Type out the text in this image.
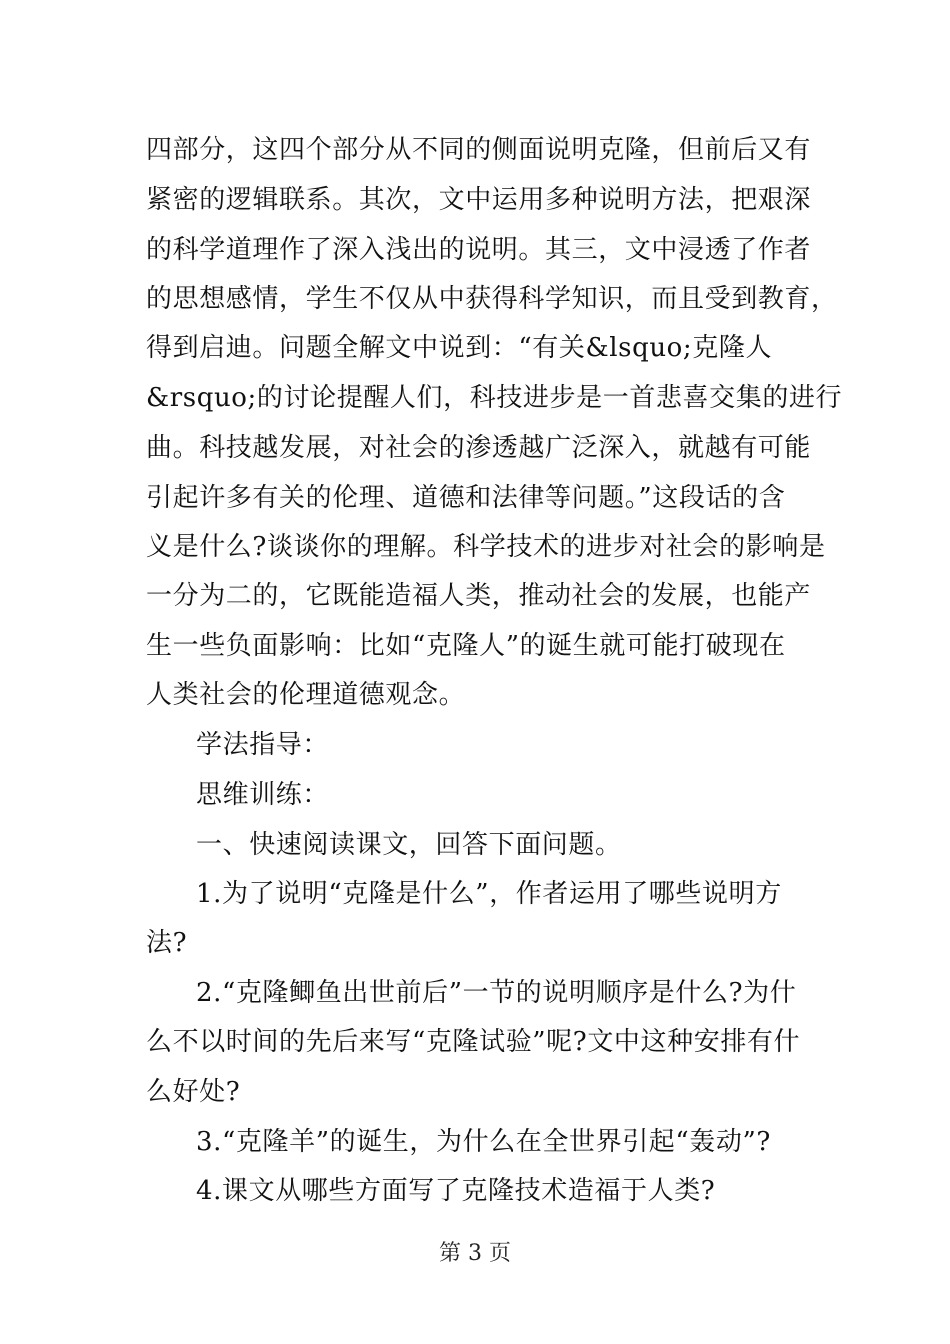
四部分，这四个部分从不同的侧面说明克隆，但前后又有
紧密的逻辑联系。其次，文中运用多种说明方法，把艰深
的科学道理作了深入浅出的说明。其三，文中浸透了作者
的思想感情，学生不仅从中获得科学知识，而且受到教育，
得到启迪。问题全解文中说到：“有关&lsquo;克隆人
&rsquo;的讨论提醒人们，科技进步是一首悲喜交集的进行
曲。科技越发展，对社会的渗透越广泛深入，就越有可能
引起许多有关的伦理、道德和法律等问题。”这段话的含
义是什么?谈谈你的理解。科学技术的进步对社会的影响是
一分为二的，它既能造福人类，推动社会的发展，也能产
生一些负面影响：比如“克隆人”的诞生就可能打破现在
人类社会的伦理道德观念。
学法指导：
思维训练：
一、快速阅读课文，回答下面问题。
1.为了说明“克隆是什么”，作者运用了哪些说明方
法?
2.“克隆鲫鱼出世前后”一节的说明顺序是什么?为什
么不以时间的先后来写“克隆试验”呢?文中这种安排有什
么好处?
3.“克隆羊”的诞生，为什么在全世界引起“轰动”?
4.课文从哪些方面写了克隆技术造福于人类?
第 3 页
